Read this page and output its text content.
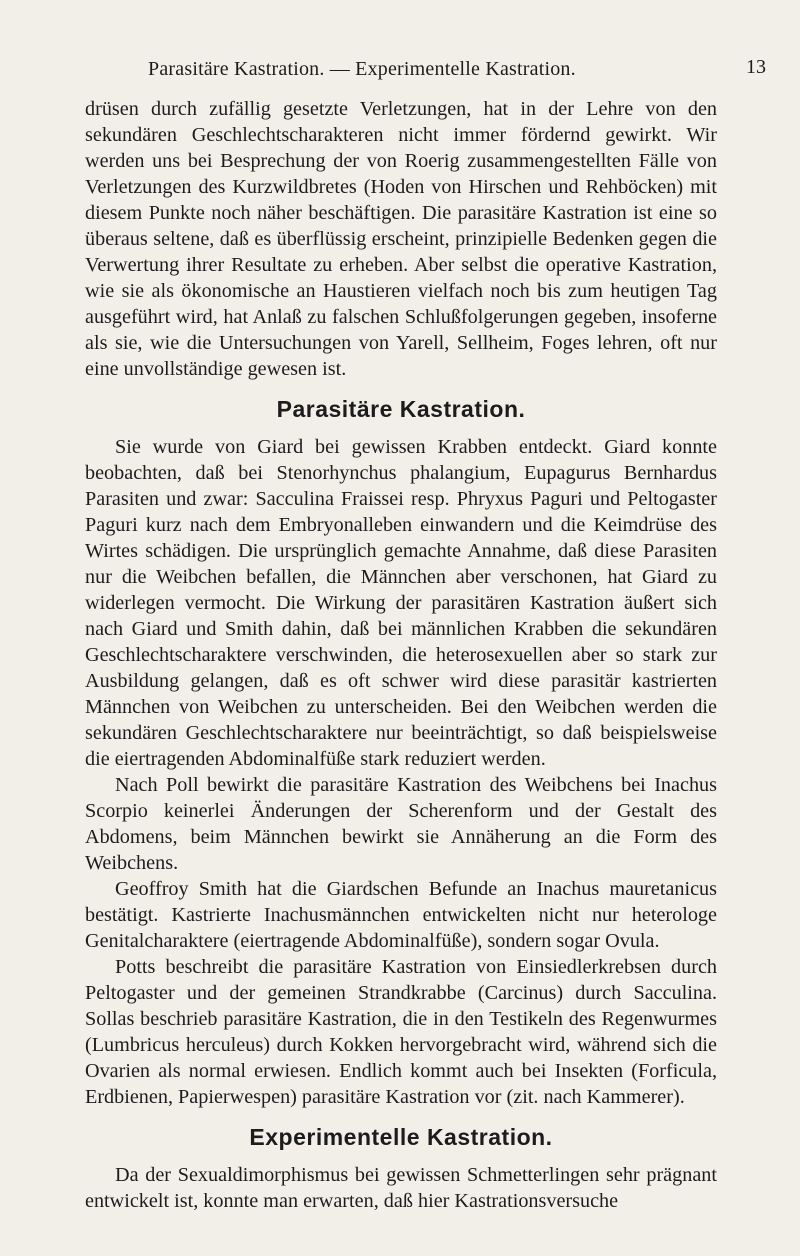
Parasitäre Kastration. — Experimentelle Kastration.	13

drüsen durch zufällig gesetzte Verletzungen, hat in der Lehre von den sekundären Geschlechtscharakteren nicht immer fördernd gewirkt. Wir werden uns bei Besprechung der von Roerig zusammengestellten Fälle von Verletzungen des Kurzwildbretes (Hoden von Hirschen und Rehböcken) mit diesem Punkte noch näher beschäftigen. Die parasitäre Kastration ist eine so überaus seltene, daß es überflüssig erscheint, prinzipielle Bedenken gegen die Verwertung ihrer Resultate zu erheben. Aber selbst die operative Kastration, wie sie als ökonomische an Haustieren vielfach noch bis zum heutigen Tag ausgeführt wird, hat Anlaß zu falschen Schlußfolgerungen gegeben, insoferne als sie, wie die Untersuchungen von Yarell, Sellheim, Foges lehren, oft nur eine unvollständige gewesen ist.

Parasitäre Kastration.

Sie wurde von Giard bei gewissen Krabben entdeckt. Giard konnte beobachten, daß bei Stenorhynchus phalangium, Eupagurus Bernhardus Parasiten und zwar: Sacculina Fraissei resp. Phryxus Paguri und Peltogaster Paguri kurz nach dem Embryonalleben einwandern und die Keimdrüse des Wirtes schädigen. Die ursprünglich gemachte Annahme, daß diese Parasiten nur die Weibchen befallen, die Männchen aber verschonen, hat Giard zu widerlegen vermocht. Die Wirkung der parasitären Kastration äußert sich nach Giard und Smith dahin, daß bei männlichen Krabben die sekundären Geschlechtscharaktere verschwinden, die heterosexuellen aber so stark zur Ausbildung gelangen, daß es oft schwer wird diese parasitär kastrierten Männchen von Weibchen zu unterscheiden. Bei den Weibchen werden die sekundären Geschlechtscharaktere nur beeinträchtigt, so daß beispielsweise die eiertragenden Abdominalfüße stark reduziert werden.

Nach Poll bewirkt die parasitäre Kastration des Weibchens bei Inachus Scorpio keinerlei Änderungen der Scherenform und der Gestalt des Abdomens, beim Männchen bewirkt sie Annäherung an die Form des Weibchens.

Geoffroy Smith hat die Giardschen Befunde an Inachus mauretanicus bestätigt. Kastrierte Inachusmännchen entwickelten nicht nur heterologe Genitalcharaktere (eiertragende Abdominalfüße), sondern sogar Ovula.

Potts beschreibt die parasitäre Kastration von Einsiedlerkrebsen durch Peltogaster und der gemeinen Strandkrabbe (Carcinus) durch Sacculina. Sollas beschrieb parasitäre Kastration, die in den Testikeln des Regenwurmes (Lumbricus herculeus) durch Kokken hervorgebracht wird, während sich die Ovarien als normal erwiesen. Endlich kommt auch bei Insekten (Forficula, Erdbienen, Papierwespen) parasitäre Kastration vor (zit. nach Kammerer).

Experimentelle Kastration.

Da der Sexualdimorphismus bei gewissen Schmetterlingen sehr prägnant entwickelt ist, konnte man erwarten, daß hier Kastrationsversuche
